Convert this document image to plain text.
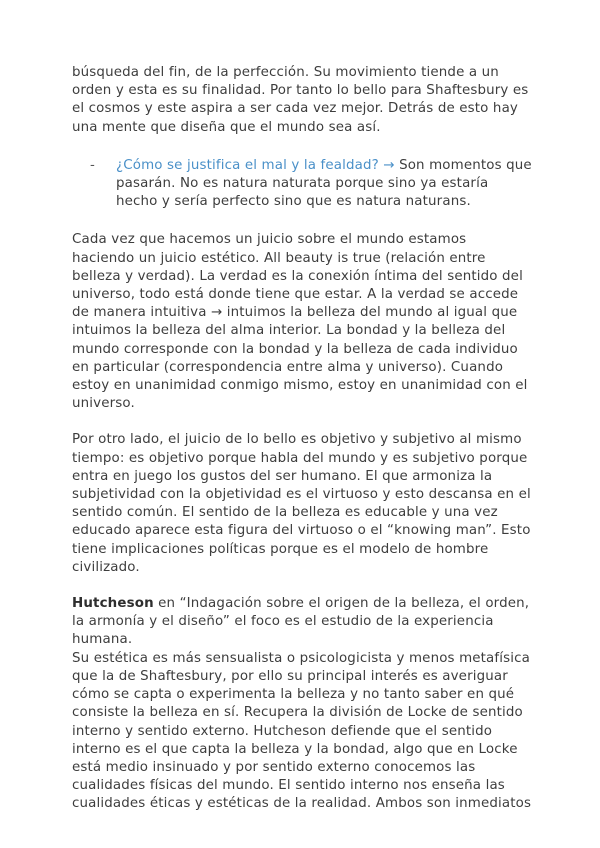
búsqueda del fin, de la perfección. Su movimiento tiende a un orden y esta es su finalidad. Por tanto lo bello para Shaftesbury es el cosmos y este aspira a ser cada vez mejor. Detrás de esto hay una mente que diseña que el mundo sea así.

- ¿Cómo se justifica el mal y la fealdad? → Son momentos que pasarán. No es natura naturata porque sino ya estaría hecho y sería perfecto sino que es natura naturans.

Cada vez que hacemos un juicio sobre el mundo estamos haciendo un juicio estético. All beauty is true (relación entre belleza y verdad). La verdad es la conexión íntima del sentido del universo, todo está donde tiene que estar. A la verdad se accede de manera intuitiva → intuimos la belleza del mundo al igual que intuimos la belleza del alma interior. La bondad y la belleza del mundo corresponde con la bondad y la belleza de cada individuo en particular (correspondencia entre alma y universo). Cuando estoy en unanimidad conmigo mismo, estoy en unanimidad con el universo.

Por otro lado, el juicio de lo bello es objetivo y subjetivo al mismo tiempo: es objetivo porque habla del mundo y es subjetivo porque entra en juego los gustos del ser humano. El que armoniza la subjetividad con la objetividad es el virtuoso y esto descansa en el sentido común. El sentido de la belleza es educable y una vez educado aparece esta figura del virtuoso o el “knowing man”. Esto tiene implicaciones políticas porque es el modelo de hombre civilizado.

Hutcheson en “Indagación sobre el origen de la belleza, el orden, la armonía y el diseño” el foco es el estudio de la experiencia humana.

Su estética es más sensualista o psicologicista y menos metafísica que la de Shaftesbury, por ello su principal interés es averiguar cómo se capta o experimenta la belleza y no tanto saber en qué consiste la belleza en sí. Recupera la división de Locke de sentido interno y sentido externo. Hutcheson defiende que el sentido interno es el que capta la belleza y la bondad, algo que en Locke está medio insinuado y por sentido externo conocemos las cualidades físicas del mundo. El sentido interno nos enseña las cualidades éticas y estéticas de la realidad. Ambos son inmediatos
